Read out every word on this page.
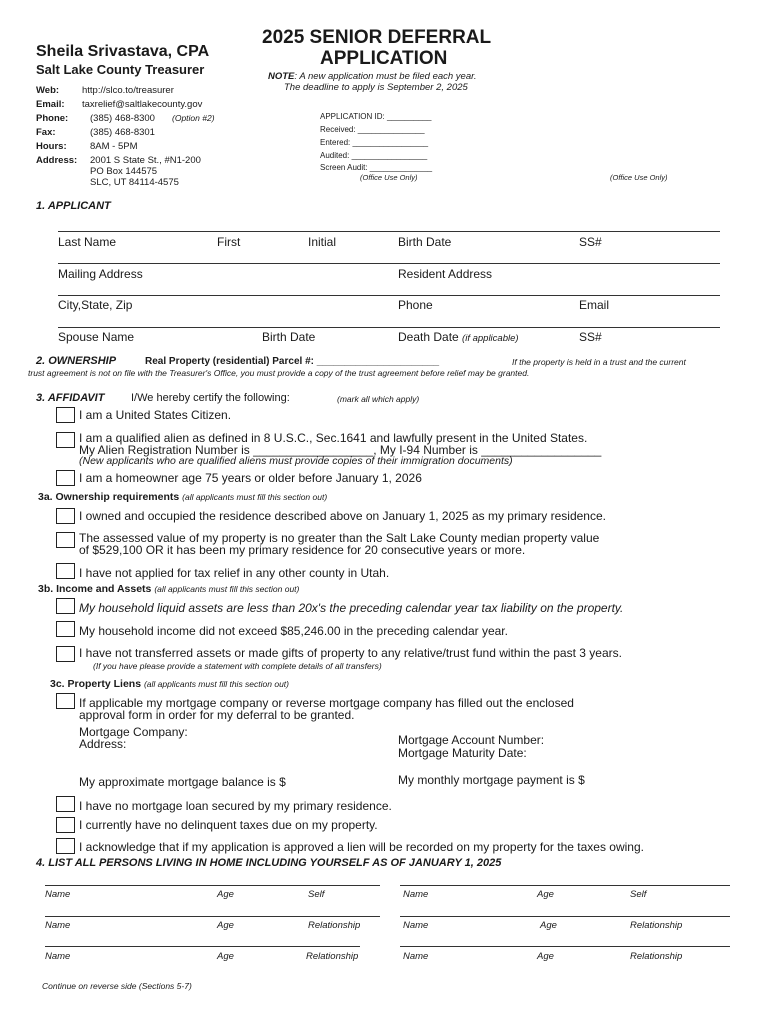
Sheila Srivastava, CPA
Salt Lake County Treasurer
Web: http://slco.to/treasurer
Email: taxrelief@saltlakecounty.gov
Phone: (385) 468-8300 (Option #2)
Fax:	(385) 468-8301
Hours: 8AM - 5PM
Address: 2001 S State St., #N1-200
PO Box 144575
SLC, UT 84114-4575
2025 SENIOR DEFERRAL
APPLICATION
NOTE: A new application must be filed each year.
The deadline to apply is September 2, 2025
APPLICATION ID: __________
Received: _______________
Entered: _________________
Audited: _________________
Screen Audit: ______________
(Office Use Only)	(Office Use Only)
1. APPLICANT
Last Name	First	Initial	Birth Date	SS#
Mailing Address	Resident Address
City,State, Zip	Phone	Email
Spouse Name	Birth Date	Death Date (if applicable)	SS#
2. OWNERSHIP	Real Property (residential) Parcel #: ______________________	If the property is held in a trust and the current
trust agreement is not on file with the Treasurer's Office, you must provide a copy of the trust agreement before relief may be granted.
3. AFFIDAVIT I/We hereby certify the following:	(mark all which apply)
I am a United States Citizen.
I am a qualified alien as defined in 8 U.S.C., Sec.1641 and lawfully present in the United States.
My Alien Registration Number is __________________, My I-94 Number is __________________
(New applicants who are qualified aliens must provide copies of their immigration documents)
I am a homeowner age 75 years or older before January 1, 2026
3a. Ownership requirements (all applicants must fill this section out)
I owned and occupied the residence described above on January 1, 2025 as my primary residence.
The assessed value of my property is no greater than the Salt Lake County median property value
of $529,100 OR it has been my primary residence for 20 consecutive years or more.
I have not applied for tax relief in any other county in Utah.
3b. Income and Assets (all applicants must fill this section out)
My household liquid assets are less than 20x's the preceding calendar year tax liability on the property.
My household income did not exceed $85,246.00 in the preceding calendar year.
I have not transferred assets or made gifts of property to any relative/trust fund within the past 3 years.
(If you have please provide a statement with complete details of all transfers)
3c. Property Liens (all applicants must fill this section out)
If applicable my mortgage company or reverse mortgage company has filled out the enclosed
approval form in order for my deferral to be granted.
Mortgage Company:
Address:	Mortgage Account Number:
Mortgage Maturity Date:
My approximate mortgage balance is $	My monthly mortgage payment is $
I have no mortgage loan secured by my primary residence.
I currently have no delinquent taxes due on my property.
I acknowledge that if my application is approved a lien will be recorded on my property for the taxes owing.
4. LIST ALL PERSONS LIVING IN HOME INCLUDING YOURSELF AS OF JANUARY 1, 2025
Name	Age	Self	Name	Age	Self
Name	Age	Relationship	Name	Age	Relationship
Name	Age	Relationship	Name	Age	Relationship
Continue on reverse side (Sections 5-7)
